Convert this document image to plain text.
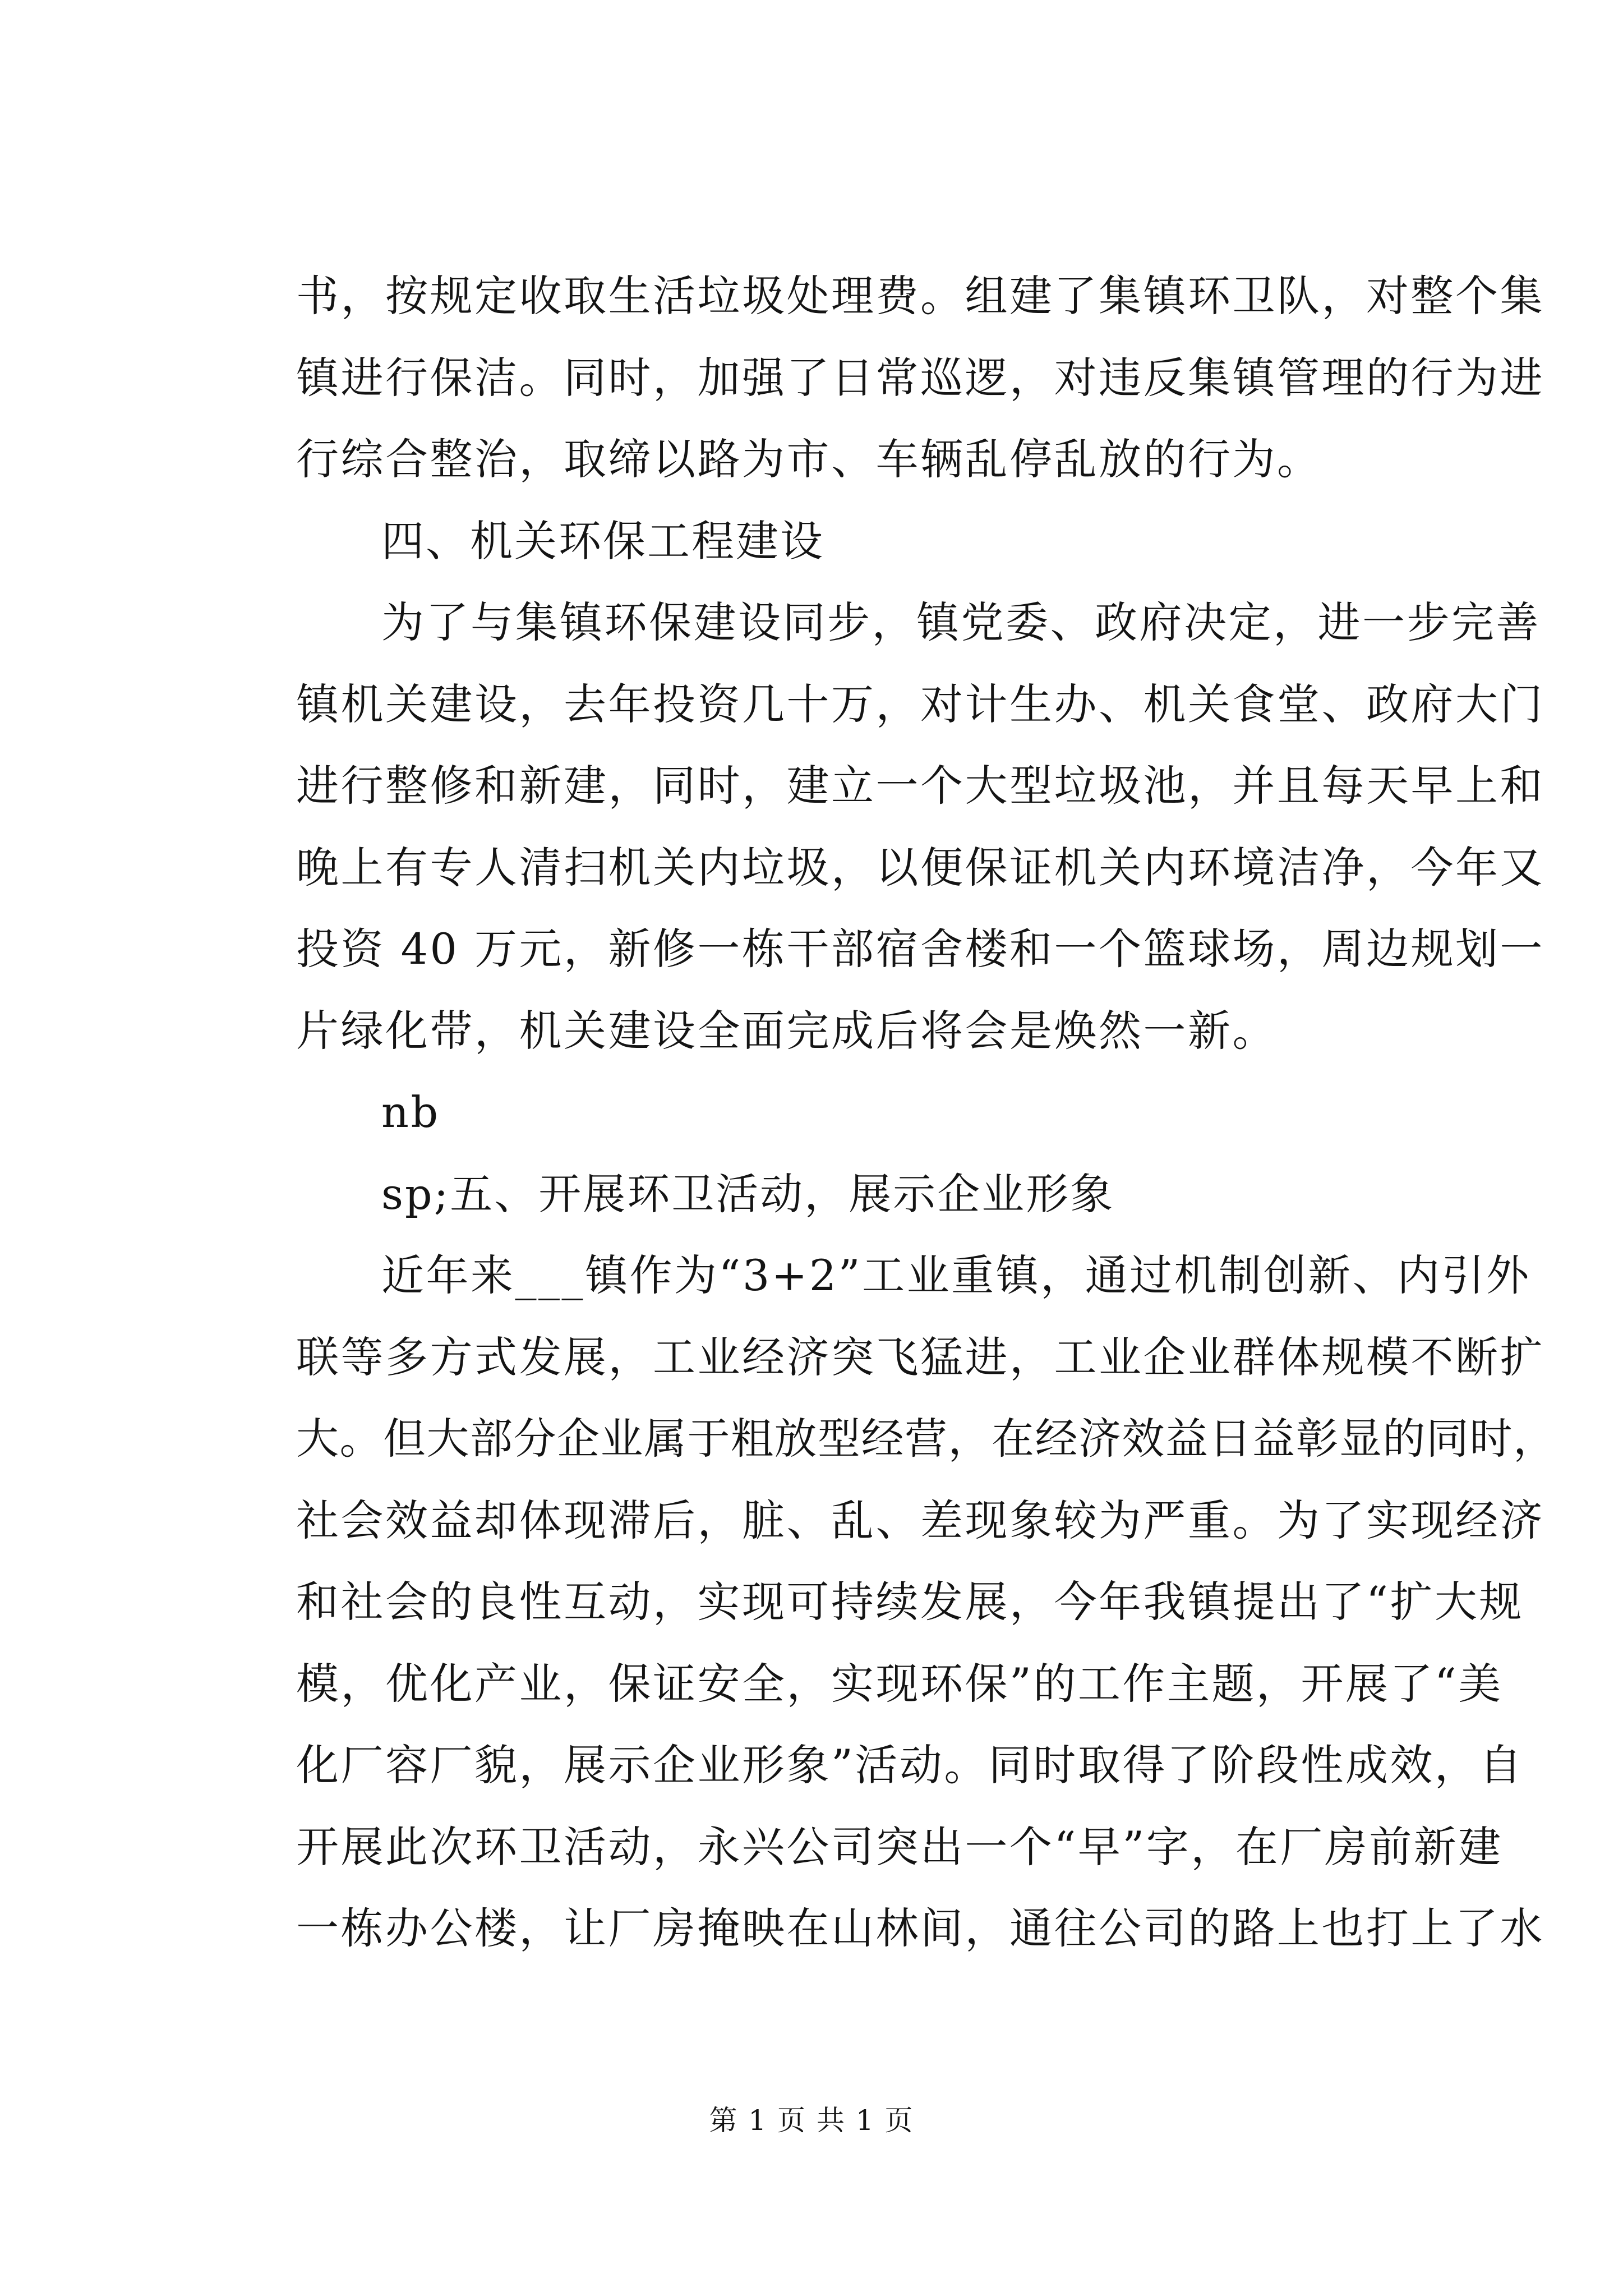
书，按规定收取生活垃圾处理费。组建了集镇环卫队，对整个集
镇进行保洁。同时，加强了日常巡逻，对违反集镇管理的行为进
行综合整治，取缔以路为市、车辆乱停乱放的行为。
四、机关环保工程建设
为了与集镇环保建设同步，镇党委、政府决定，进一步完善
镇机关建设，去年投资几十万，对计生办、机关食堂、政府大门
进行整修和新建，同时，建立一个大型垃圾池，并且每天早上和
晚上有专人清扫机关内垃圾，以便保证机关内环境洁净，今年又
投资 40 万元，新修一栋干部宿舍楼和一个篮球场，周边规划一
片绿化带，机关建设全面完成后将会是焕然一新。
nb
sp;五、开展环卫活动，展示企业形象
近年来___镇作为“3+2”工业重镇，通过机制创新、内引外
联等多方式发展，工业经济突飞猛进，工业企业群体规模不断扩
大。但大部分企业属于粗放型经营，在经济效益日益彰显的同时，
社会效益却体现滞后，脏、乱、差现象较为严重。为了实现经济
和社会的良性互动，实现可持续发展，今年我镇提出了“扩大规
模，优化产业，保证安全，实现环保”的工作主题，开展了“美
化厂容厂貌，展示企业形象”活动。同时取得了阶段性成效，自
开展此次环卫活动，永兴公司突出一个“早”字，在厂房前新建
一栋办公楼，让厂房掩映在山林间，通往公司的路上也打上了水
第 1 页 共 1 页
